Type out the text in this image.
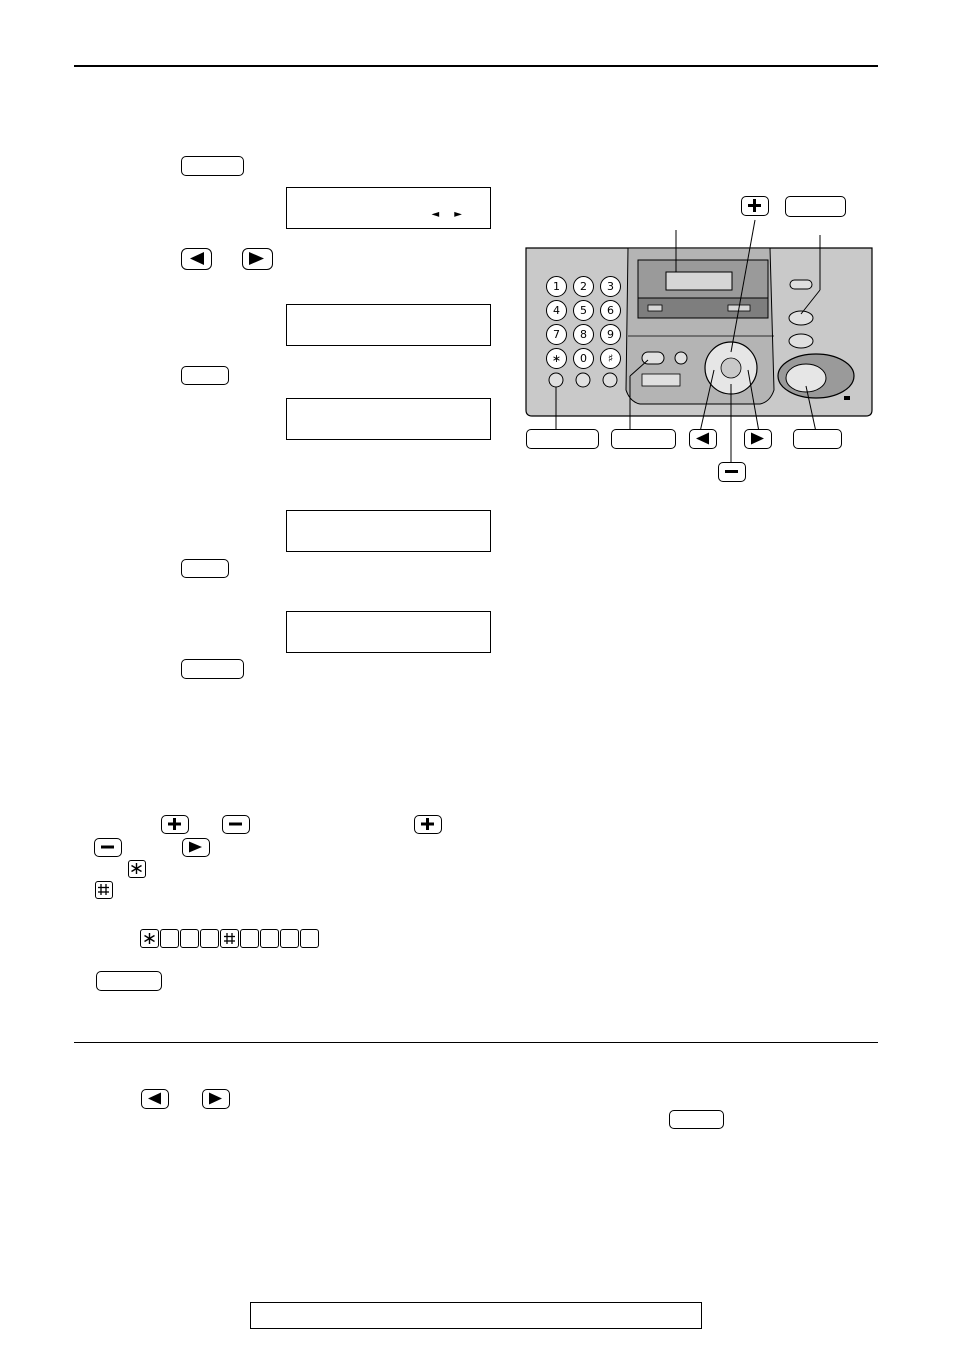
◄ ►
1	2	3
4	5	6
7	8	9
∗	0	♯
